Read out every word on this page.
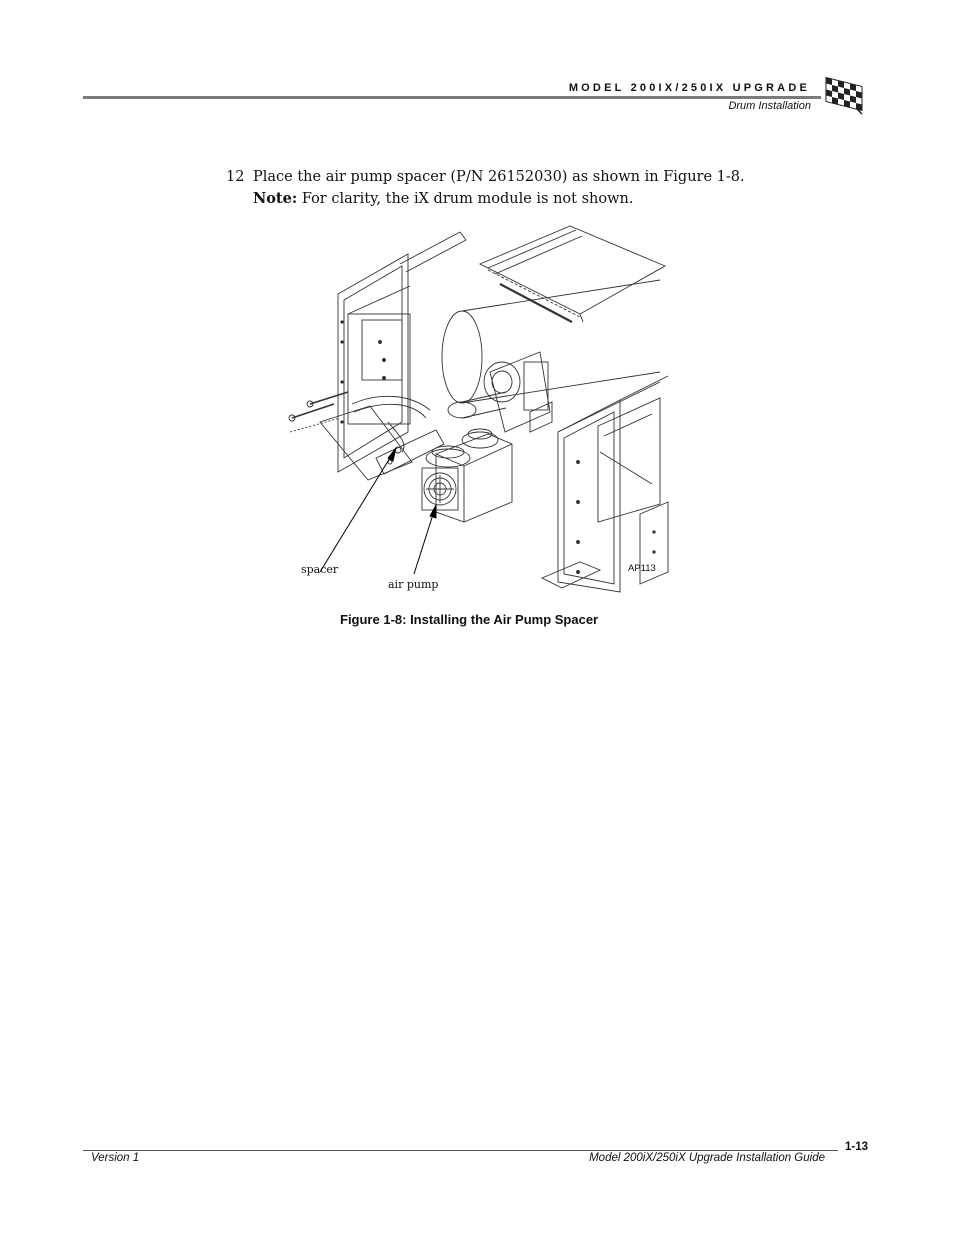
MODEL 200IX/250IX UPGRADE
Drum Installation
12 Place the air pump spacer (P/N 26152030) as shown in Figure 1-8.
Note: For clarity, the iX drum module is not shown.
spacer
air pump
AP113
Figure 1-8: Installing the Air Pump Spacer
1-13
Version 1	Model 200iX/250iX Upgrade Installation Guide
